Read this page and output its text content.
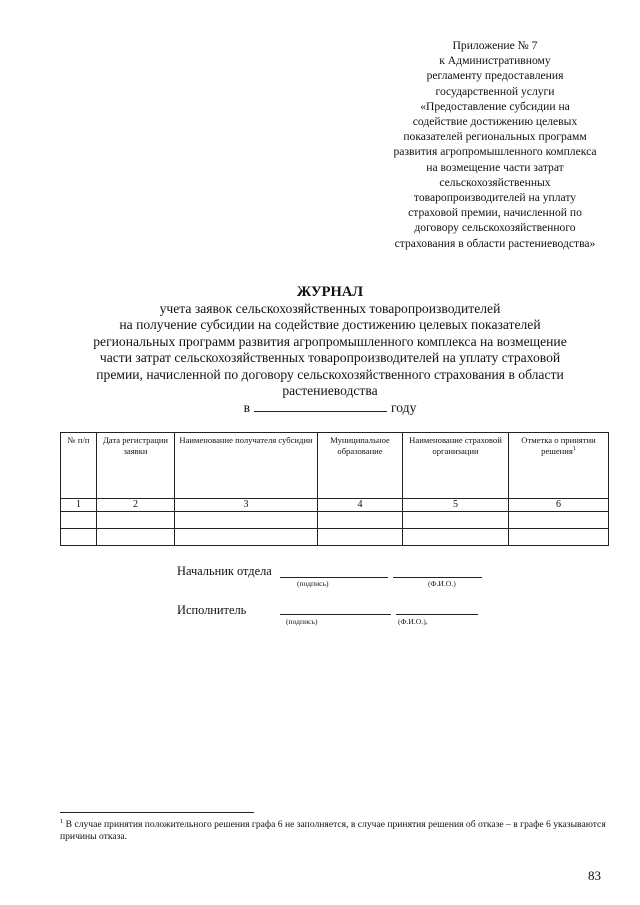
Приложение № 7
к Административному
регламенту предоставления
государственной услуги
«Предоставление субсидии на
содействие достижению целевых
показателей региональных программ
развития агропромышленного комплекса
на возмещение части затрат
сельскохозяйственных
товаропроизводителей на уплату
страховой премии, начисленной по
договору сельскохозяйственного
страхования в области растениеводства»
ЖУРНАЛ
учета заявок сельскохозяйственных товаропроизводителей
на получение субсидии на содействие достижению целевых показателей
региональных программ развития агропромышленного комплекса на возмещение
части затрат сельскохозяйственных товаропроизводителей на уплату страховой
премии, начисленной по договору сельскохозяйственного страхования в области
растениеводства
в	году
№ п/п	Дата регистрации заявки	Наименование получателя субсидии	Муниципальное образование	Наименование страховой организации	Отметка о принятии решения$^1$
1	2	3	4	5	6

Начальник отдела
(подпись)	(Ф.И.О.)
Исполнитель
(подпись)	(Ф.И.О.),
$^1$ В случае принятия положительного решения графа 6 не заполняется, в случае принятия решения об отказе – в графе 6 указываются причины отказа.
83
